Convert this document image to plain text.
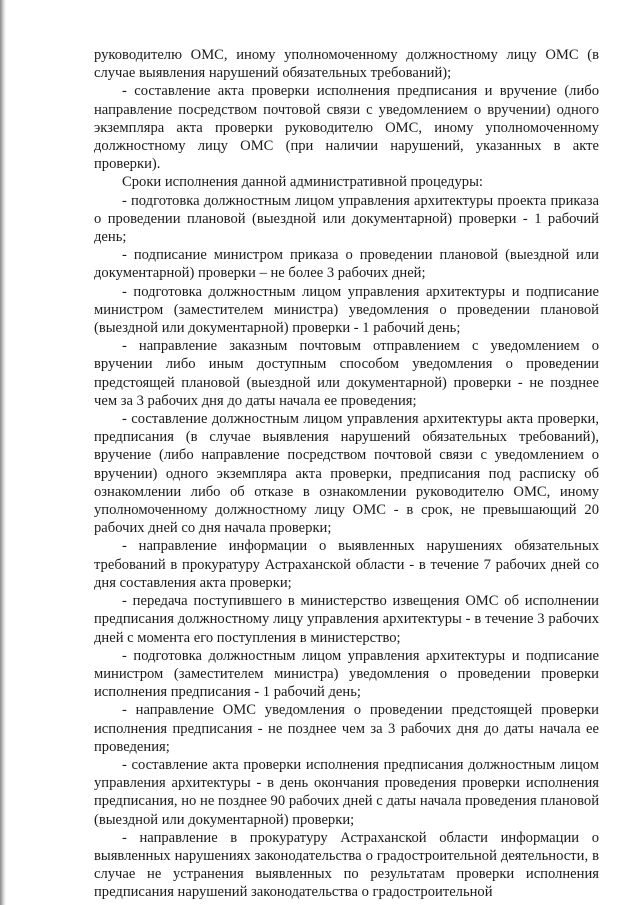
руководителю ОМС, иному уполномоченному должностному лицу ОМС (в случае выявления нарушений обязательных требований);

- составление акта проверки исполнения предписания и вручение (либо направление посредством почтовой связи с уведомлением о вручении) одного экземпляра акта проверки руководителю ОМС, иному уполномоченному должностному лицу ОМС (при наличии нарушений, указанных в акте проверки).

Сроки исполнения данной административной процедуры:

- подготовка должностным лицом управления архитектуры проекта приказа о проведении плановой (выездной или документарной) проверки - 1 рабочий день;

- подписание министром приказа о проведении плановой (выездной или документарной) проверки – не более 3 рабочих дней;

- подготовка должностным лицом управления архитектуры и подписание министром (заместителем министра) уведомления о проведении плановой (выездной или документарной) проверки - 1 рабочий день;

- направление заказным почтовым отправлением с уведомлением о вручении либо иным доступным способом уведомления о проведении предстоящей плановой (выездной или документарной) проверки - не позднее чем за 3 рабочих дня до даты начала ее проведения;

- составление должностным лицом управления архитектуры акта проверки, предписания (в случае выявления нарушений обязательных требований), вручение (либо направление посредством почтовой связи с уведомлением о вручении) одного экземпляра акта проверки, предписания под расписку об ознакомлении либо об отказе в ознакомлении руководителю ОМС, иному уполномоченному должностному лицу ОМС - в срок, не превышающий 20 рабочих дней со дня начала проверки;

- направление информации о выявленных нарушениях обязательных требований в прокуратуру Астраханской области - в течение 7 рабочих дней со дня составления акта проверки;

- передача поступившего в министерство извещения ОМС об исполнении предписания должностному лицу управления архитектуры - в течение 3 рабочих дней с момента его поступления в министерство;

- подготовка должностным лицом управления архитектуры и подписание министром (заместителем министра) уведомления о проведении проверки исполнения предписания - 1 рабочий день;

- направление ОМС уведомления о проведении предстоящей проверки исполнения предписания - не позднее чем за 3 рабочих дня до даты начала ее проведения;

- составление акта проверки исполнения предписания должностным лицом управления архитектуры - в день окончания проведения проверки исполнения предписания, но не позднее 90 рабочих дней с даты начала проведения плановой (выездной или документарной) проверки;

- направление в прокуратуру Астраханской области информации о выявленных нарушениях законодательства о градостроительной деятельности, в случае не устранения выявленных по результатам проверки исполнения предписания нарушений законодательства о градостроительной
